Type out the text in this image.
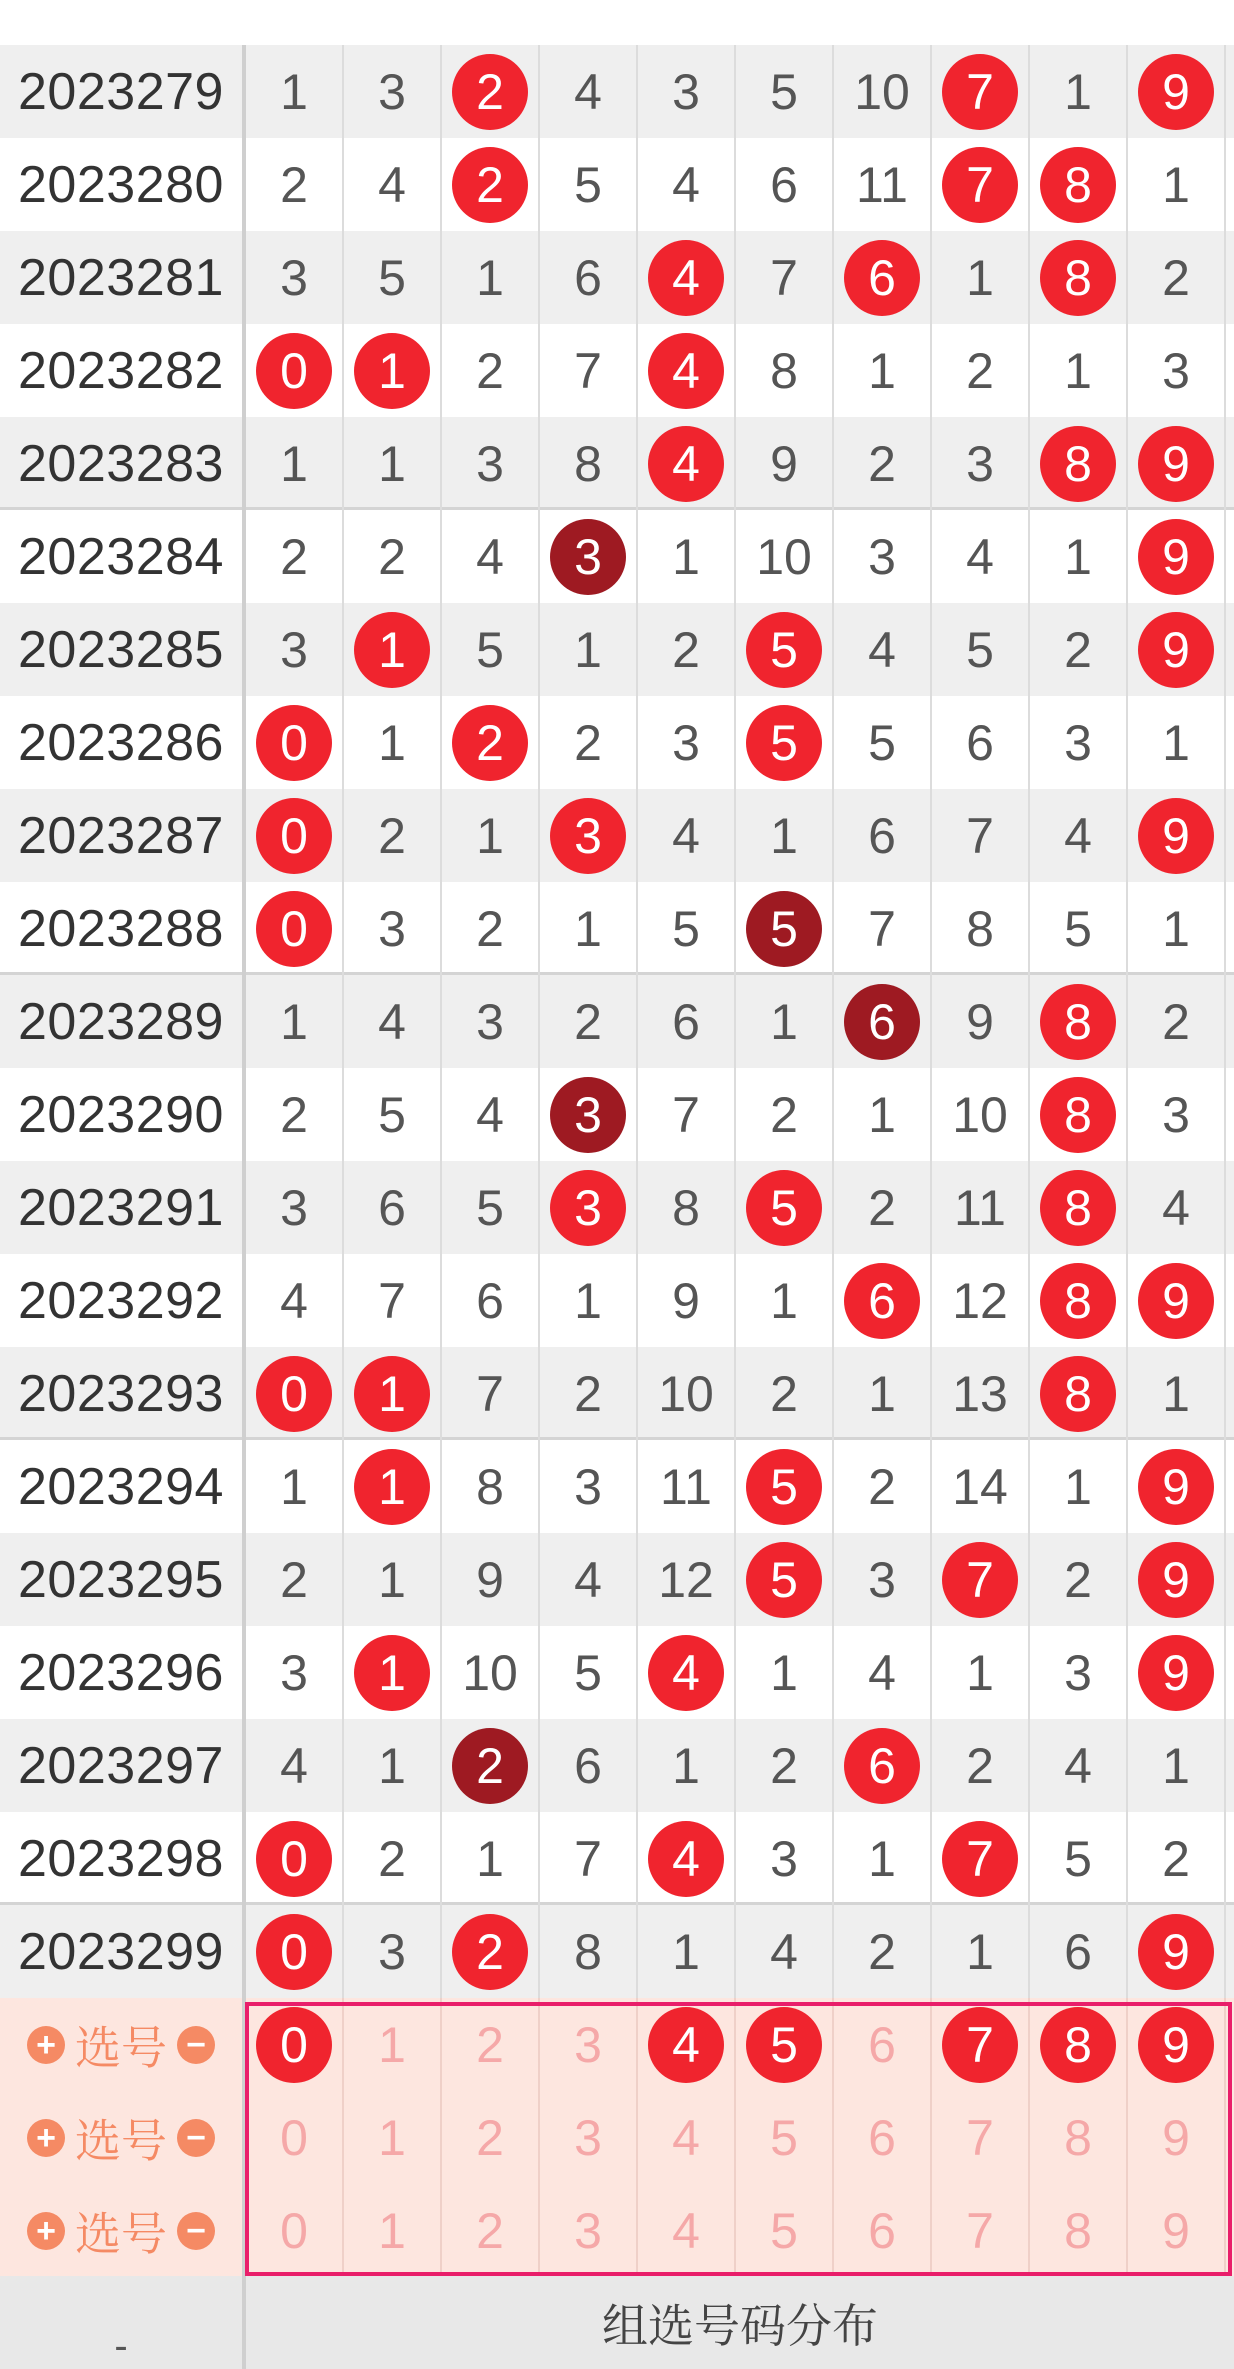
2023279	1	3	2	4	3	5	10	7	1	9
2023280	2	4	2	5	4	6	11	7	8	1
2023281	3	5	1	6	4	7	6	1	8	2
2023282	0	1	2	7	4	8	1	2	1	3
2023283	1	1	3	8	4	9	2	3	8	9
2023284	2	2	4	3	1	10	3	4	1	9
2023285	3	1	5	1	2	5	4	5	2	9
2023286	0	1	2	2	3	5	5	6	3	1
2023287	0	2	1	3	4	1	6	7	4	9
2023288	0	3	2	1	5	5	7	8	5	1
2023289	1	4	3	2	6	1	6	9	8	2
2023290	2	5	4	3	7	2	1	10	8	3
2023291	3	6	5	3	8	5	2	11	8	4
2023292	4	7	6	1	9	1	6	12	8	9
2023293	0	1	7	2	10	2	1	13	8	1
2023294	1	1	8	3	11	5	2	14	1	9
2023295	2	1	9	4	12	5	3	7	2	9
2023296	3	1	10	5	4	1	4	1	3	9
2023297	4	1	2	6	1	2	6	2	4	1
2023298	0	2	1	7	4	3	1	7	5	2
2023299	0	3	2	8	1	4	2	1	6	9
+ 选号 −	0	1	2	3	4	5	6	7	8	9
+ 选号 −	0	1	2	3	4	5	6	7	8	9
+ 选号 −	0	1	2	3	4	5	6	7	8	9
-	组选号码分布
